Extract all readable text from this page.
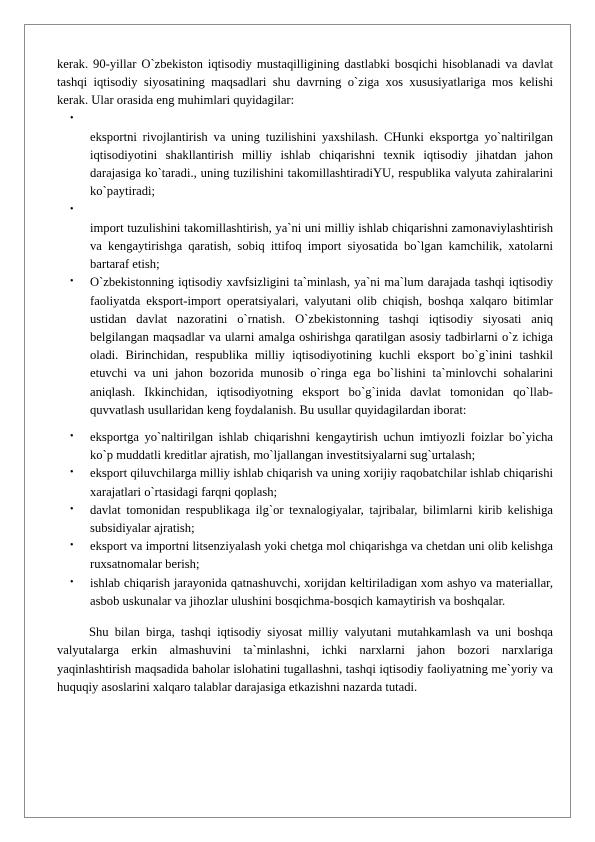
kerak. 90-yillar O`zbekiston iqtisodiy mustaqilligining dastlabki bosqichi hisoblanadi va davlat tashqi iqtisodiy siyosatining maqsadlari shu davrning o`ziga xos xususiyatlariga mos kelishi kerak. Ular orasida eng muhimlari quyidagilar:

•

eksportni rivojlantirish va uning tuzilishini yaxshilash. CHunki eksportga yo`naltirilgan iqtisodiyotini shakllantirish milliy ishlab chiqarishni texnik iqtisodiy jihatdan jahon darajasiga ko`taradi., uning tuzilishini takomillashtiradiYU, respublika valyuta zahiralarini ko`paytiradi;
•

import tuzulishini takomillashtirish, ya`ni uni milliy ishlab chiqarishni zamonaviylashtirish va kengaytirishga qaratish, sobiq ittifoq import siyosatida bo`lgan kamchilik, xatolarni bartaraf etish;
• O`zbekistonning iqtisodiy xavfsizligini ta`minlash, ya`ni ma`lum darajada tashqi iqtisodiy faoliyatda eksport-import operatsiyalari, valyutani olib chiqish, boshqa xalqaro bitimlar ustidan davlat nazoratini o`rnatish. O`zbekistonning tashqi iqtisodiy siyosati aniq belgilangan maqsadlar va ularni amalga oshirishga qaratilgan asosiy tadbirlarni o`z ichiga oladi. Birinchidan, respublika milliy iqtisodiyotining kuchli eksport bo`g`inini tashkil etuvchi va uni jahon bozorida munosib o`ringa ega bo`lishini ta`minlovchi sohalarini aniqlash. Ikkinchidan, iqtisodiyotning eksport bo`g`inida davlat tomonidan qo`llab-quvvatlash usullaridan keng foydalanish. Bu usullar quyidagilardan iborat:
• eksportga yo`naltirilgan ishlab chiqarishni kengaytirish uchun imtiyozli foizlar bo`yicha ko`p muddatli kreditlar ajratish, mo`ljallangan investitsiyalarni sug`urtalash;
• eksport qiluvchilarga milliy ishlab chiqarish va uning xorijiy raqobatchilar ishlab chiqarishi xarajatlari o`rtasidagi farqni qoplash;
• davlat tomonidan respublikaga ilg`or texnalogiyalar, tajribalar, bilimlarni kirib kelishiga subsidiyalar ajratish;
• eksport va importni litsenziyalash yoki chetga mol chiqarishga va chetdan uni olib kelishga ruxsatnomalar berish;
• ishlab chiqarish jarayonida qatnashuvchi, xorijdan keltiriladigan xom ashyo va materiallar, asbob uskunalar va jihozlar ulushini bosqichma-bosqich kamaytirish va boshqalar.

Shu bilan birga, tashqi iqtisodiy siyosat milliy valyutani mutahkamlash va uni boshqa valyutalarga erkin almashuvini ta`minlashni, ichki narxlarni jahon bozori narxlariga yaqinlashtirish maqsadida baholar islohatini tugallashni, tashqi iqtisodiy faoliyatning me`yoriy va huquqiy asoslarini xalqaro talablar darajasiga etkazishni nazarda tutadi.
